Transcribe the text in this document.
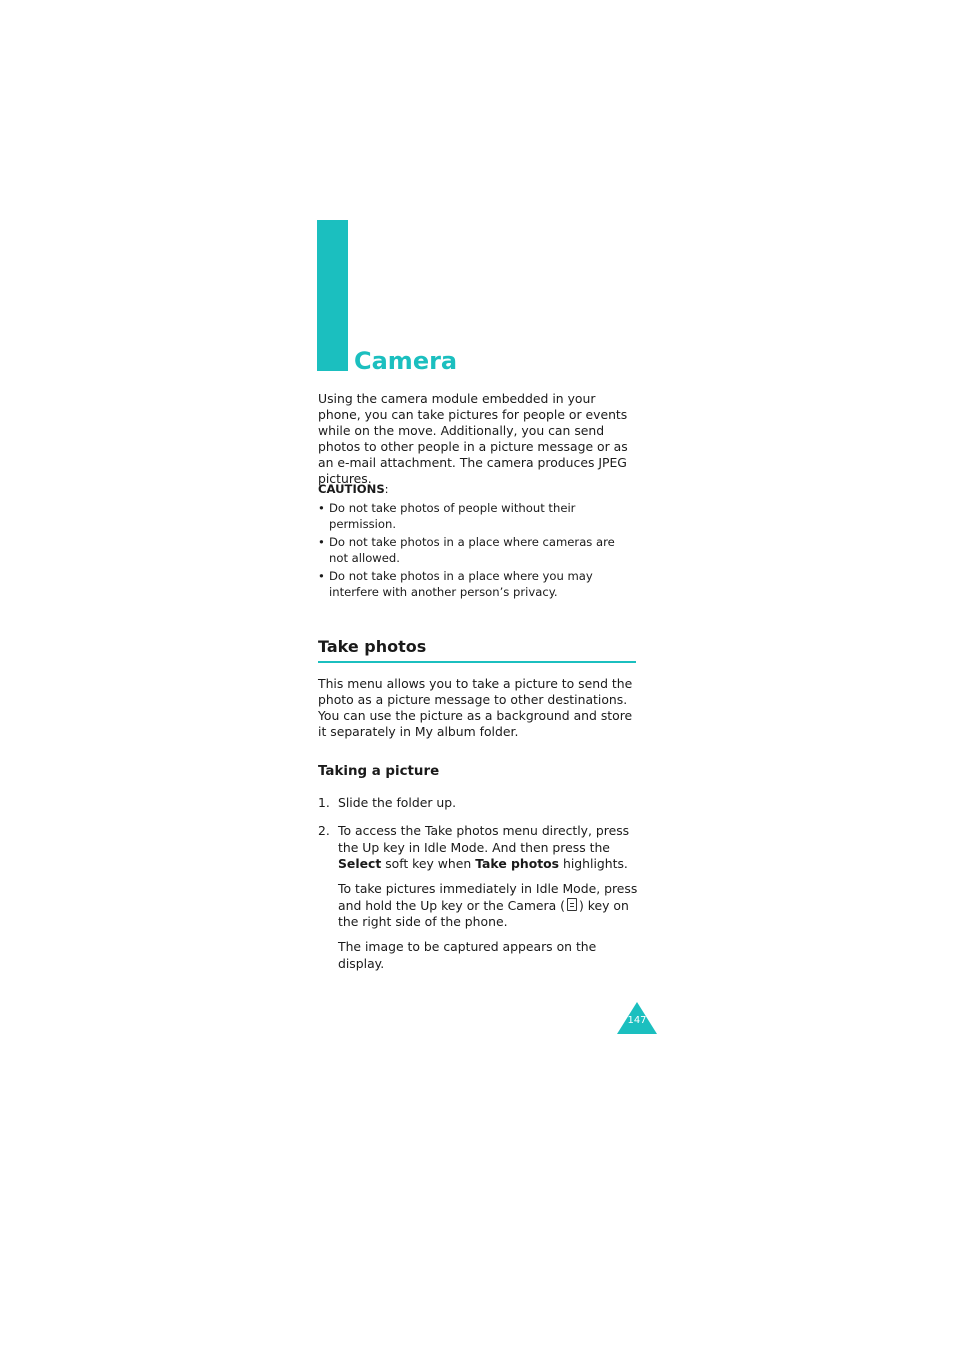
Camera

Using the camera module embedded in your phone, you can take pictures for people or events while on the move. Additionally, you can send photos to other people in a picture message or as an e-mail attachment. The camera produces JPEG pictures.

CAUTIONS:

• Do not take photos of people without their permission.
• Do not take photos in a place where cameras are not allowed.
• Do not take photos in a place where you may interfere with another person’s privacy.
Take photos

This menu allows you to take a picture to send the photo as a picture message to other destinations. You can use the picture as a background and store it separately in My album folder.

Taking a picture
1. Slide the folder up.
2. To access the Take photos menu directly, press the Up key in Idle Mode. And then press the Select soft key when Take photos highlights.

To take pictures immediately in Idle Mode, press and hold the Up key or the Camera ( ) key on the right side of the phone.

The image to be captured appears on the display.

147
